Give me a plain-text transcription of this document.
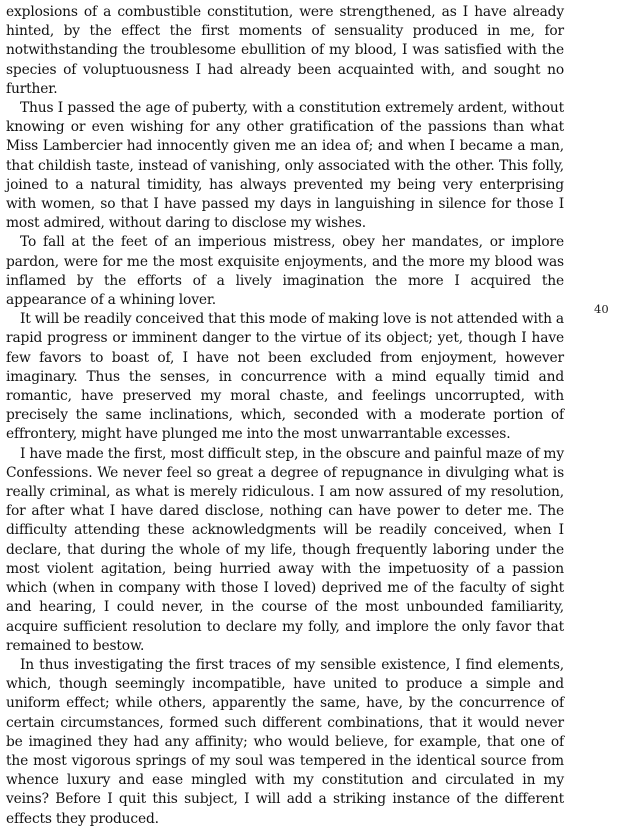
explosions of a combustible constitution, were strengthened, as I have already hinted, by the effect the first moments of sensuality produced in me, for notwithstanding the troublesome ebullition of my blood, I was satisfied with the species of voluptuousness I had already been acquainted with, and sought no further.

Thus I passed the age of puberty, with a constitution extremely ardent, without knowing or even wishing for any other gratification of the passions than what Miss Lambercier had innocently given me an idea of; and when I became a man, that childish taste, instead of vanishing, only associated with the other. This folly, joined to a natural timidity, has always prevented my being very enterprising with women, so that I have passed my days in languishing in silence for those I most admired, without daring to disclose my wishes.

To fall at the feet of an imperious mistress, obey her mandates, or implore pardon, were for me the most exquisite enjoyments, and the more my blood was inflamed by the efforts of a lively imagination the more I acquired the appearance of a whining lover.

It will be readily conceived that this mode of making love is not attended with a rapid progress or imminent danger to the virtue of its object; yet, though I have few favors to boast of, I have not been excluded from enjoyment, however imaginary. Thus the senses, in concurrence with a mind equally timid and romantic, have preserved my moral chaste, and feelings uncorrupted, with precisely the same inclinations, which, seconded with a moderate portion of effrontery, might have plunged me into the most unwarrantable excesses.

I have made the first, most difficult step, in the obscure and painful maze of my Confessions. We never feel so great a degree of repugnance in divulging what is really criminal, as what is merely ridiculous. I am now assured of my resolution, for after what I have dared disclose, nothing can have power to deter me. The difficulty attending these acknowledgments will be readily conceived, when I declare, that during the whole of my life, though frequently laboring under the most violent agitation, being hurried away with the impetuosity of a passion which (when in company with those I loved) deprived me of the faculty of sight and hearing, I could never, in the course of the most unbounded familiarity, acquire sufficient resolution to declare my folly, and implore the only favor that remained to bestow.

In thus investigating the first traces of my sensible existence, I find elements, which, though seemingly incompatible, have united to produce a simple and uniform effect; while others, apparently the same, have, by the concurrence of certain circumstances, formed such different combinations, that it would never be imagined they had any affinity; who would believe, for example, that one of the most vigorous springs of my soul was tempered in the identical source from whence luxury and ease mingled with my constitution and circulated in my veins? Before I quit this subject, I will add a striking instance of the different effects they produced.

40
